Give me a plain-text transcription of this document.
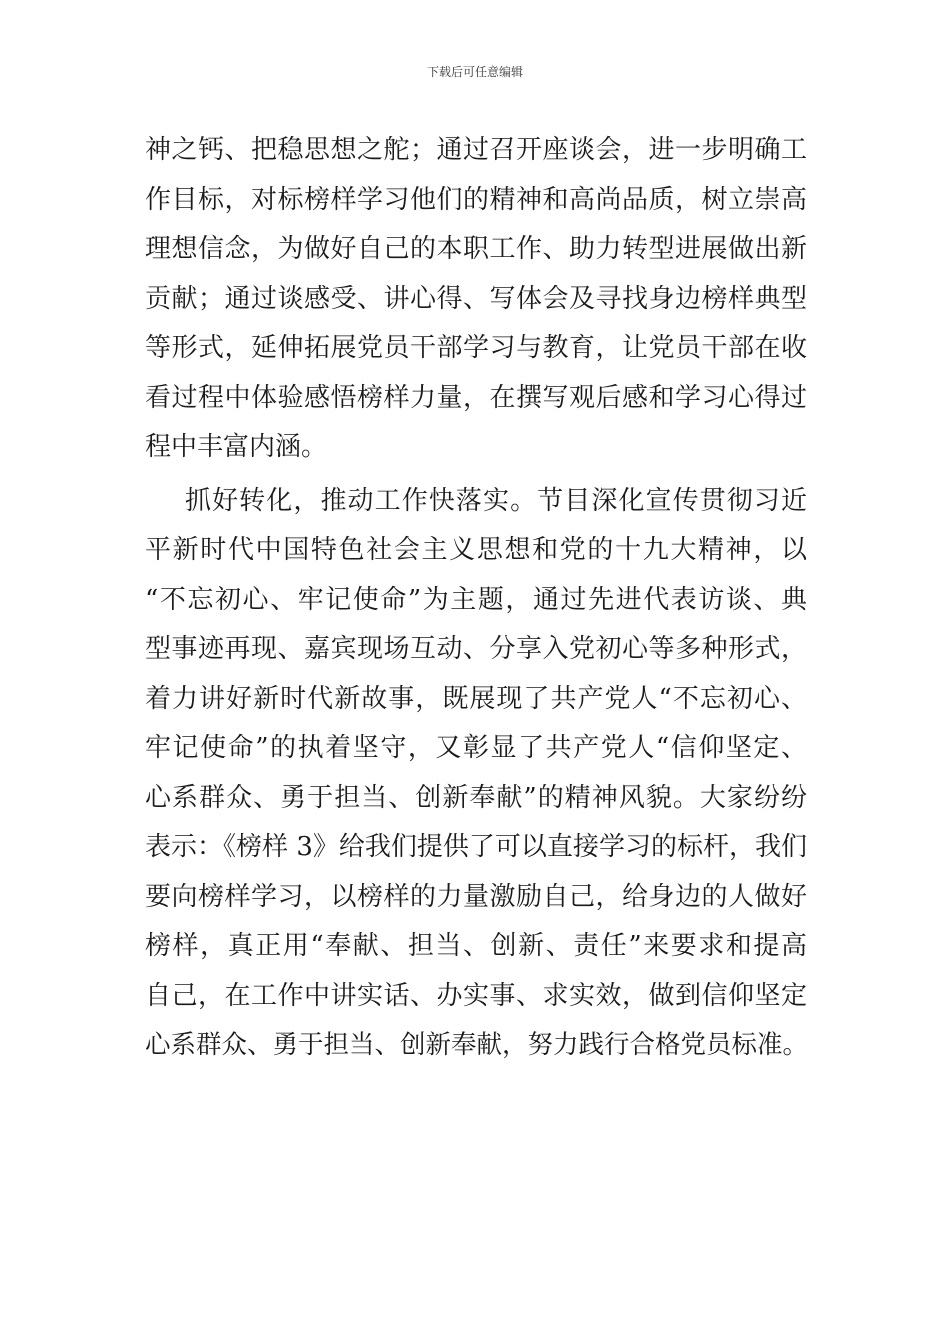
下载后可任意编辑
神之钙、把稳思想之舵；通过召开座谈会，进一步明确工
作目标，对标榜样学习他们的精神和高尚品质，树立崇高
理想信念，为做好自己的本职工作、助力转型进展做出新
贡献；通过谈感受、讲心得、写体会及寻找身边榜样典型
等形式，延伸拓展党员干部学习与教育，让党员干部在收
看过程中体验感悟榜样力量，在撰写观后感和学习心得过
程中丰富内涵。
抓好转化，推动工作快落实。节目深化宣传贯彻习近
平新时代中国特色社会主义思想和党的十九大精神，以
“不忘初心、牢记使命”为主题，通过先进代表访谈、典
型事迹再现、嘉宾现场互动、分享入党初心等多种形式，
着力讲好新时代新故事，既展现了共产党人“不忘初心、
牢记使命”的执着坚守，又彰显了共产党人“信仰坚定、
心系群众、勇于担当、创新奉献”的精神风貌。大家纷纷
表示：《榜样 3》给我们提供了可以直接学习的标杆，我们
要向榜样学习，以榜样的力量激励自己，给身边的人做好
榜样，真正用“奉献、担当、创新、责任”来要求和提高
自己，在工作中讲实话、办实事、求实效，做到信仰坚定
心系群众、勇于担当、创新奉献，努力践行合格党员标准。
